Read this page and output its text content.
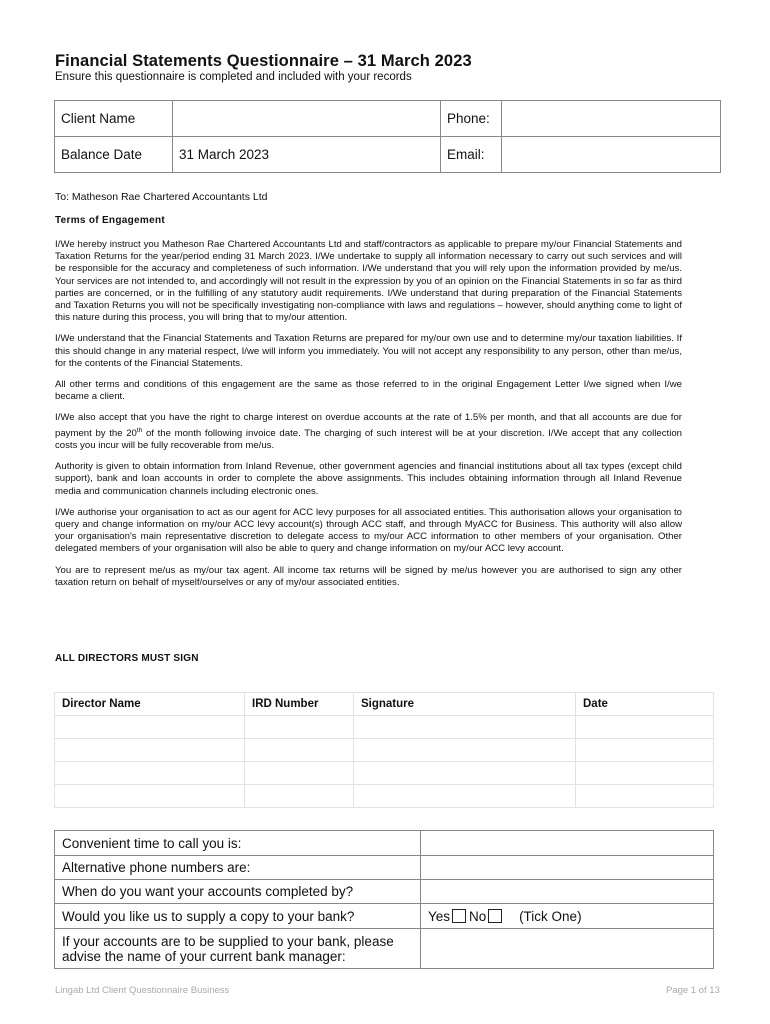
Financial Statements Questionnaire – 31 March 2023
Ensure this questionnaire is completed and included with your records
Client Name		Phone:	
Balance Date	31 March 2023	Email:	
To: Matheson Rae Chartered Accountants Ltd
Terms of Engagement

I/We hereby instruct you Matheson Rae Chartered Accountants Ltd and staff/contractors as applicable to prepare my/our Financial Statements and Taxation Returns for the year/period ending 31 March 2023. I/We undertake to supply all information necessary to carry out such services and will be responsible for the accuracy and completeness of such information. I/We understand that you will rely upon the information provided by me/us. Your services are not intended to, and accordingly will not result in the expression by you of an opinion on the Financial Statements in so far as third parties are concerned, or in the fulfilling of any statutory audit requirements. I/We understand that during preparation of the Financial Statements and Taxation Returns you will not be specifically investigating non-compliance with laws and regulations – however, should anything come to light of this nature during this process, you will bring that to my/our attention.

I/We understand that the Financial Statements and Taxation Returns are prepared for my/our own use and to determine my/our taxation liabilities. If this should change in any material respect, I/we will inform you immediately. You will not accept any responsibility to any person, other than me/us, for the contents of the Financial Statements.

All other terms and conditions of this engagement are the same as those referred to in the original Engagement Letter I/we signed when I/we became a client.

I/We also accept that you have the right to charge interest on overdue accounts at the rate of 1.5% per month, and that all accounts are due for payment by the 20th of the month following invoice date. The charging of such interest will be at your discretion. I/We accept that any collection costs you incur will be fully recoverable from me/us.

Authority is given to obtain information from Inland Revenue, other government agencies and financial institutions about all tax types (except child support), bank and loan accounts in order to complete the above assignments. This includes obtaining information through all Inland Revenue media and communication channels including electronic ones.

I/We authorise your organisation to act as our agent for ACC levy purposes for all associated entities. This authorisation allows your organisation to query and change information on my/our ACC levy account(s) through ACC staff, and through MyACC for Business. This authority will also allow your organisation's main representative discretion to delegate access to my/our ACC information to other members of your organisation. Other delegated members of your organisation will also be able to query and change information on my/our ACC levy account.

You are to represent me/us as my/our tax agent. All income tax returns will be signed by me/us however you are authorised to sign any other taxation return on behalf of myself/ourselves or any of my/our associated entities.

ALL DIRECTORS MUST SIGN
Director Name	IRD Number	Signature	Date

Convenient time to call you is:	
Alternative phone numbers are:	
When do you want your accounts completed by?	
Would you like us to supply a copy to your bank?	Yes No (Tick One)
If your accounts are to be supplied to your bank, please advise the name of your current bank manager:	
Lingab Ltd Client Questionnaire Business	Page 1 of 13
